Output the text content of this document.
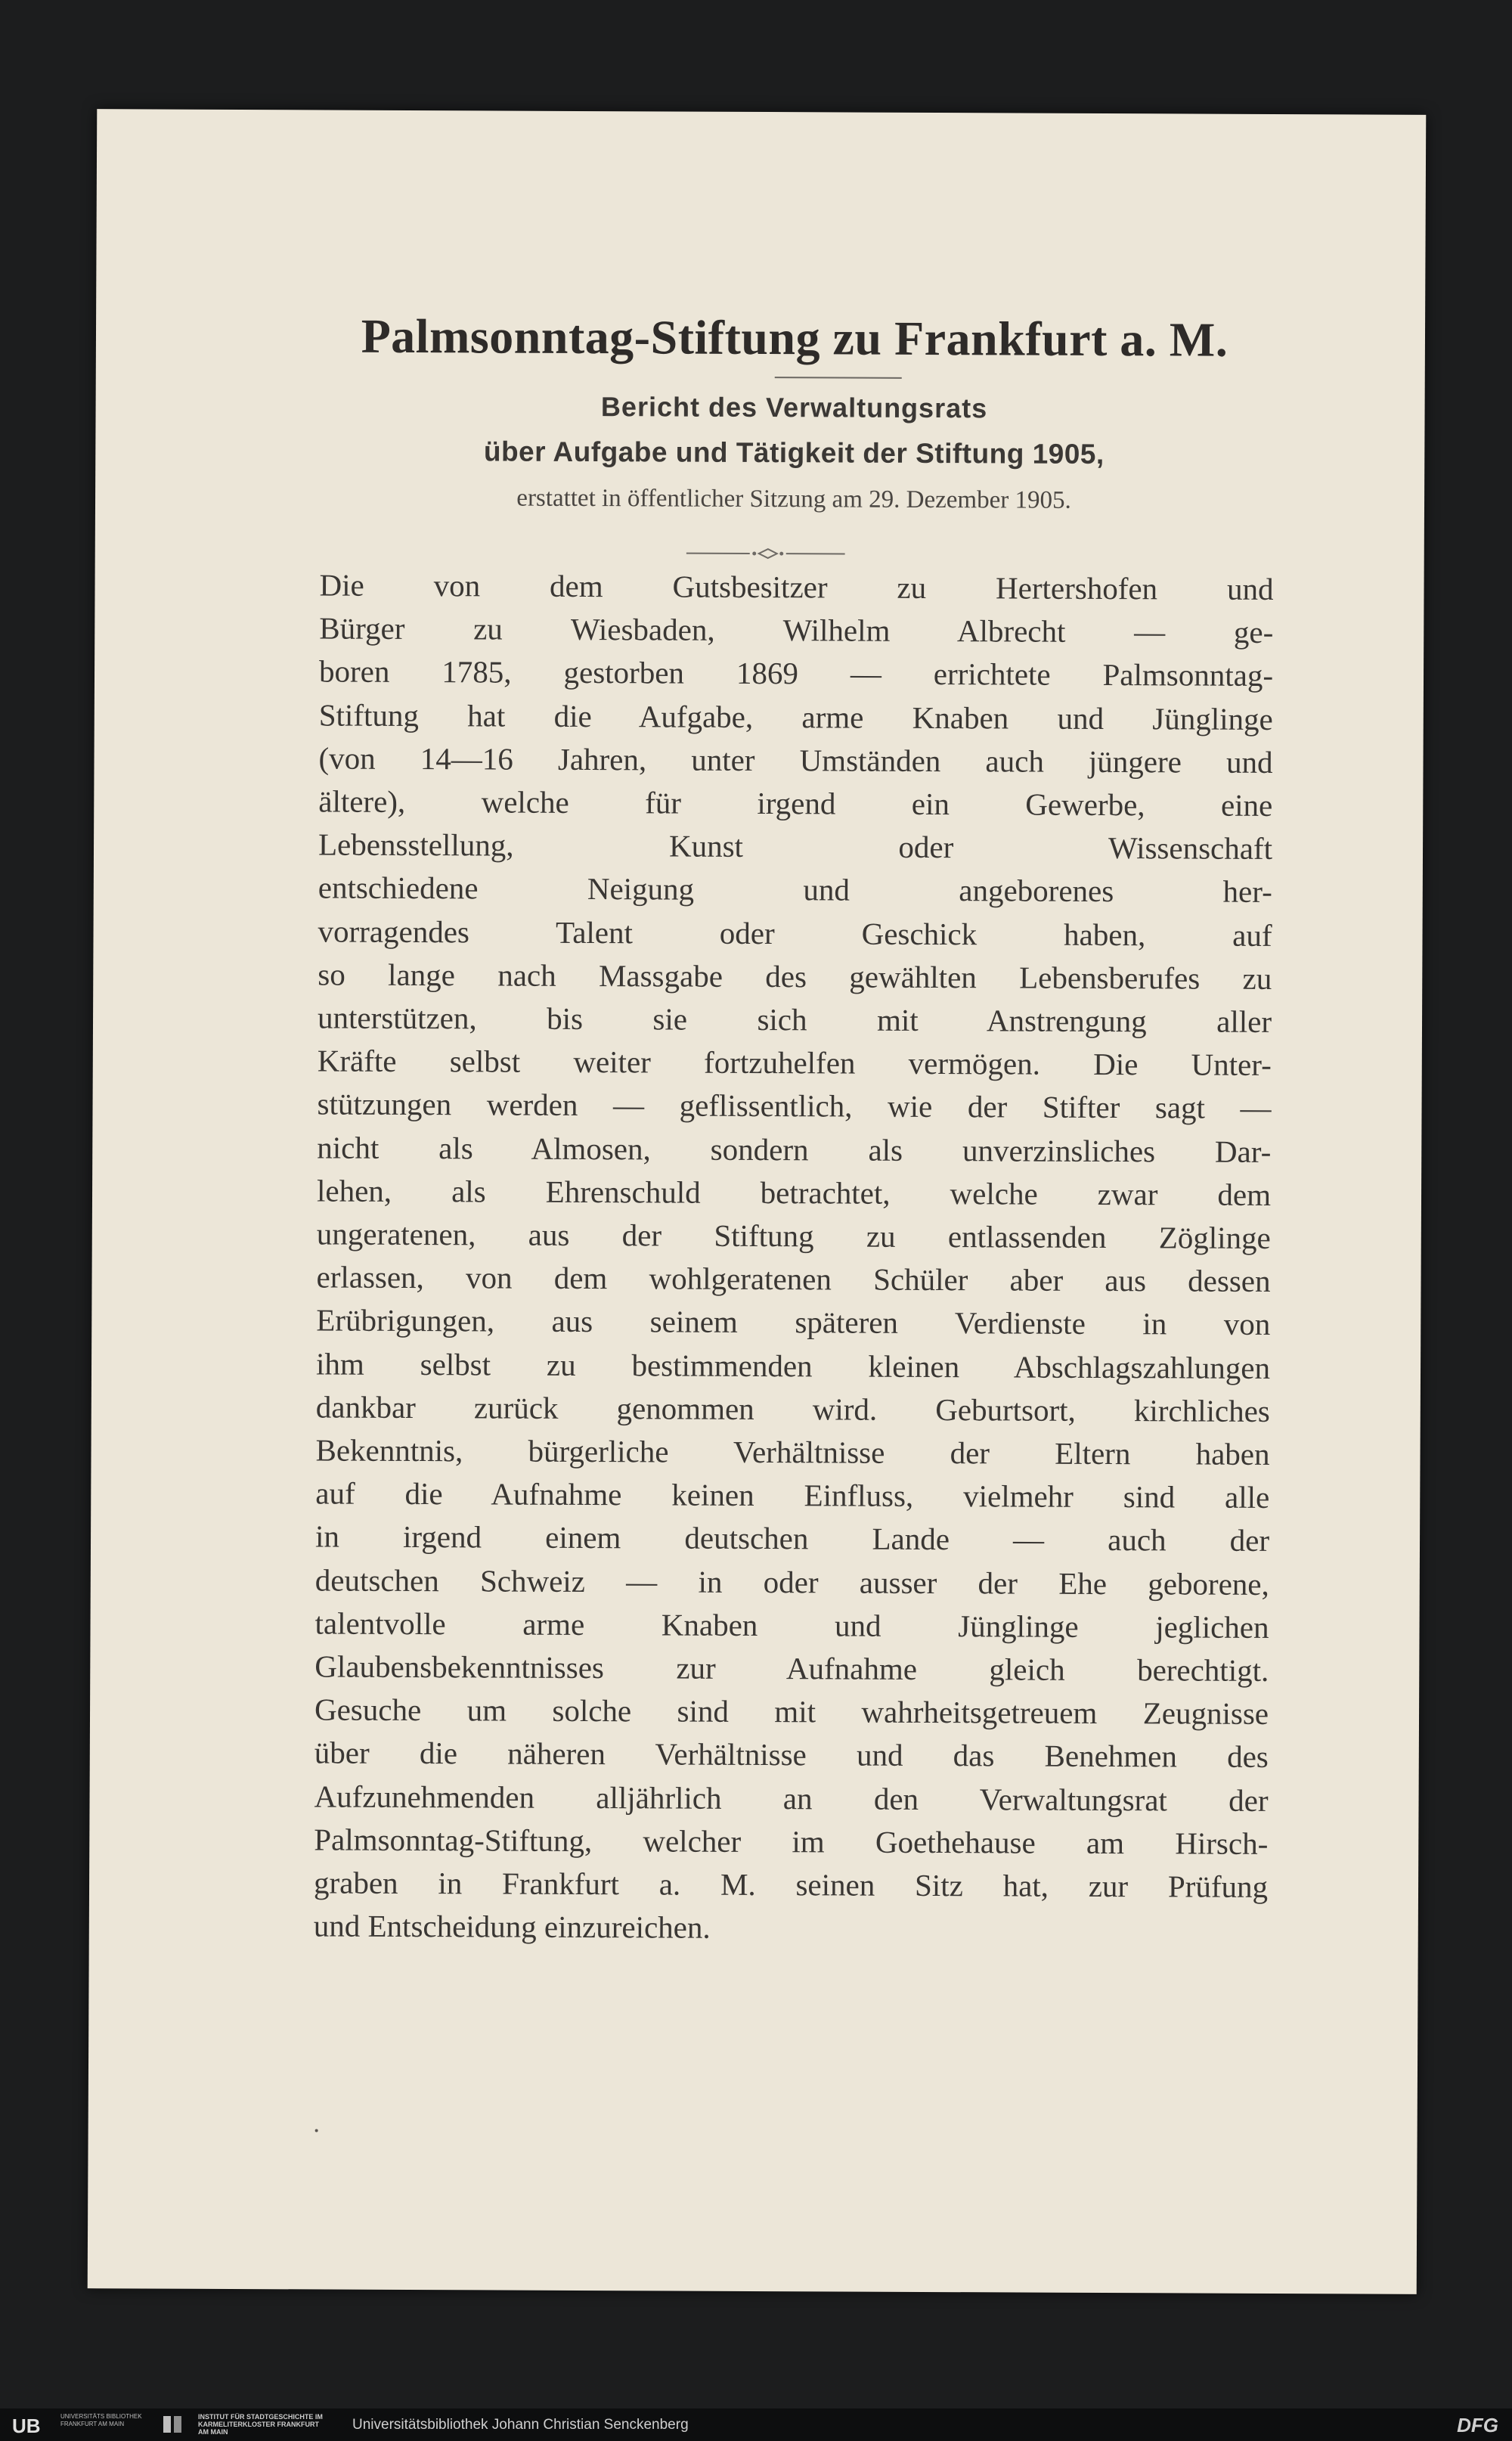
Palmsonntag-Stiftung zu Frankfurt a. M.
Bericht des Verwaltungsrats
über Aufgabe und Tätigkeit der Stiftung 1905,
erstattet in öffentlicher Sitzung am 29. Dezember 1905.
Die von dem Gutsbesitzer zu Hertershofen und
Bürger zu Wiesbaden, Wilhelm Albrecht — ge-
boren 1785, gestorben 1869 — errichtete Palmsonntag-
Stiftung hat die Aufgabe, arme Knaben und Jünglinge
(von 14—16 Jahren, unter Umständen auch jüngere und
ältere), welche für irgend ein Gewerbe, eine
Lebensstellung, Kunst oder Wissenschaft
entschiedene Neigung und angeborenes her-
vorragendes Talent oder Geschick haben, auf
so lange nach Massgabe des gewählten Lebensberufes zu
unterstützen, bis sie sich mit Anstrengung aller
Kräfte selbst weiter fortzuhelfen vermögen. Die Unter-
stützungen werden — geflissentlich, wie der Stifter sagt —
nicht als Almosen, sondern als unverzinsliches Dar-
lehen, als Ehrenschuld betrachtet, welche zwar dem
ungeratenen, aus der Stiftung zu entlassenden Zöglinge
erlassen, von dem wohlgeratenen Schüler aber aus dessen
Erübrigungen, aus seinem späteren Verdienste in von
ihm selbst zu bestimmenden kleinen Abschlagszahlungen
dankbar zurück genommen wird. Geburtsort, kirchliches
Bekenntnis, bürgerliche Verhältnisse der Eltern haben
auf die Aufnahme keinen Einfluss, vielmehr sind alle
in irgend einem deutschen Lande — auch der
deutschen Schweiz — in oder ausser der Ehe geborene,
talentvolle arme Knaben und Jünglinge jeglichen
Glaubensbekenntnisses zur Aufnahme gleich berechtigt.
Gesuche um solche sind mit wahrheitsgetreuem Zeugnisse
über die näheren Verhältnisse und das Benehmen des
Aufzunehmenden alljährlich an den Verwaltungsrat der
Palmsonntag-Stiftung, welcher im Goethehause am Hirsch-
graben in Frankfurt a. M. seinen Sitz hat, zur Prüfung
und Entscheidung einzureichen.
UB	UNIVERSITÄTS BIBLIOTHEK FRANKFURT AM MAIN
INSTITUT FÜR STADTGESCHICHTE IM KARMELITERKLOSTER FRANKFURT AM MAIN	Universitätsbibliothek Johann Christian Senckenberg	DFG
